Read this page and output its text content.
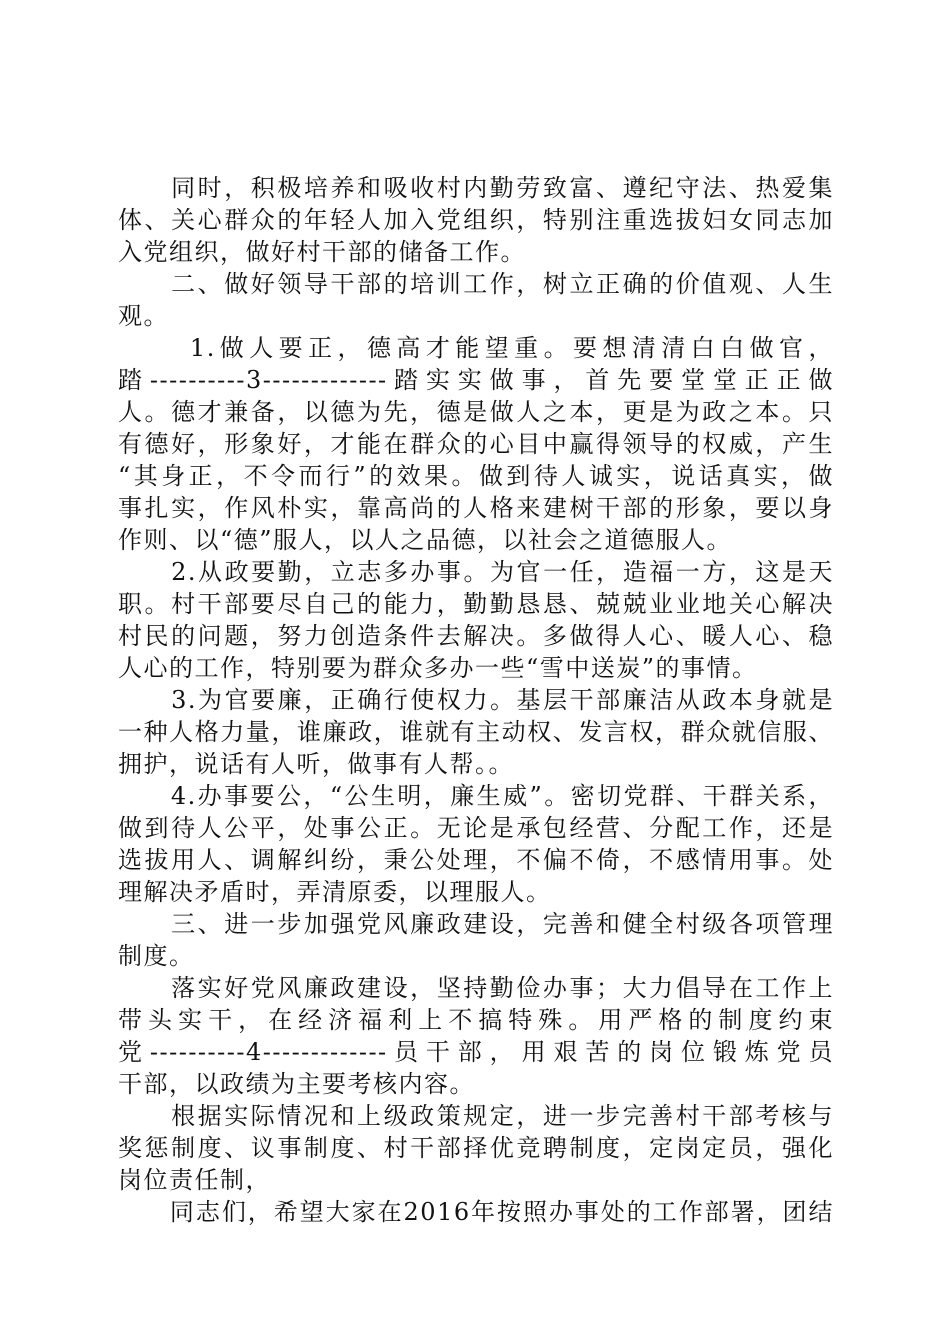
　　同时，积极培养和吸收村内勤劳致富、遵纪守法、热爱集
体、关心群众的年轻人加入党组织，特别注重选拔妇女同志加
入党组织，做好村干部的储备工作。
　　二、做好领导干部的培训工作，树立正确的价值观、人生
观。
　　 1.做人要正，德高才能望重。要想清清白白做官，
踏----------3-------------踏实实做事，首先要堂堂正正做
人。德才兼备，以德为先，德是做人之本，更是为政之本。只
有德好，形象好，才能在群众的心目中赢得领导的权威，产生
“其身正，不令而行”的效果。做到待人诚实，说话真实，做
事扎实，作风朴实，靠高尚的人格来建树干部的形象，要以身
作则、以“德”服人，以人之品德，以社会之道德服人。
　　2.从政要勤，立志多办事。为官一任，造福一方，这是天
职。村干部要尽自己的能力，勤勤恳恳、兢兢业业地关心解决
村民的问题，努力创造条件去解决。多做得人心、暖人心、稳
人心的工作，特别要为群众多办一些“雪中送炭”的事情。
　　3.为官要廉，正确行使权力。基层干部廉洁从政本身就是
一种人格力量，谁廉政，谁就有主动权、发言权，群众就信服、
拥护，说话有人听，做事有人帮。。
　　4.办事要公，“公生明，廉生威”。密切党群、干群关系，
做到待人公平，处事公正。无论是承包经营、分配工作，还是
选拔用人、调解纠纷，秉公处理，不偏不倚，不感情用事。处
理解决矛盾时，弄清原委，以理服人。
　　三、进一步加强党风廉政建设，完善和健全村级各项管理
制度。
　　落实好党风廉政建设，坚持勤俭办事；大力倡导在工作上
带头实干，在经济福利上不搞特殊。用严格的制度约束
党----------4-------------员干部，用艰苦的岗位锻炼党员
干部，以政绩为主要考核内容。
　　根据实际情况和上级政策规定，进一步完善村干部考核与
奖惩制度、议事制度、村干部择优竞聘制度，定岗定员，强化
岗位责任制，
　　同志们，希望大家在2016年按照办事处的工作部署，团结
